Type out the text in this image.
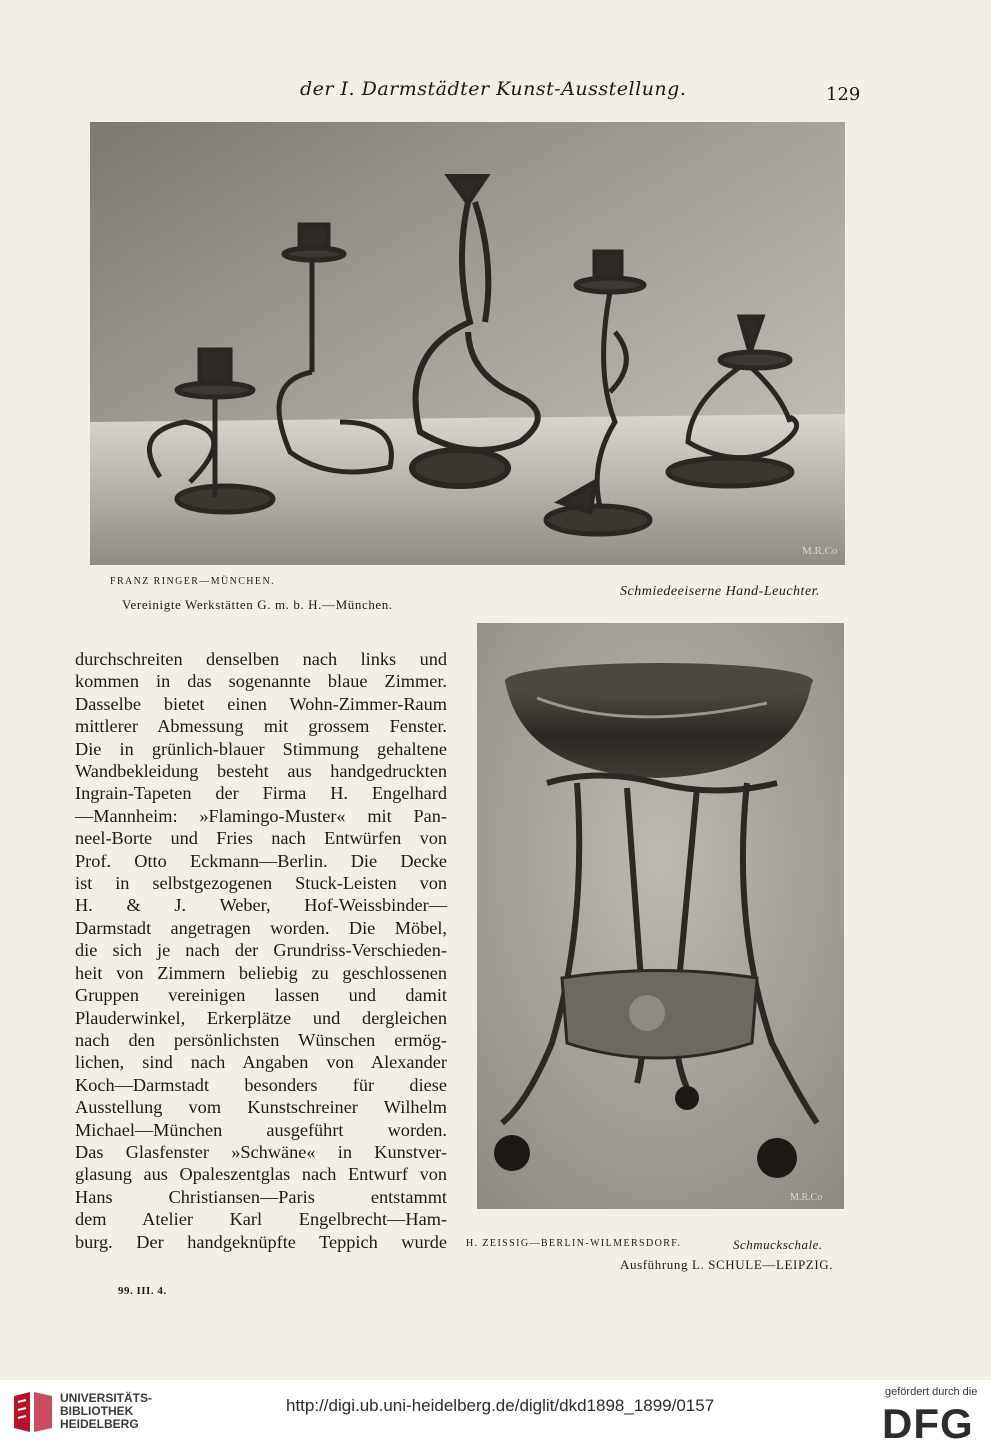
der I. Darmstädter Kunst-Ausstellung.	129
M.R.Co
FRANZ RINGER—MÜNCHEN.
Vereinigte Werkstätten G. m. b. H.—München.
Schmiedeeiserne Hand-Leuchter.
M.R.Co
H. ZEISSIG—BERLIN-WILMERSDORF.	Schmuckschale.
Ausführung L. SCHULE—LEIPZIG.
durchschreiten denselben nach links und
kommen in das sogenannte blaue Zimmer.
Dasselbe bietet einen Wohn-Zimmer-Raum
mittlerer Abmessung mit grossem Fenster.
Die in grünlich-blauer Stimmung gehaltene
Wandbekleidung besteht aus handgedruckten
Ingrain-Tapeten der Firma H. Engelhard
—Mannheim: »Flamingo-Muster« mit Pan-
neel-Borte und Fries nach Entwürfen von
Prof. Otto Eckmann—Berlin. Die Decke
ist in selbstgezogenen Stuck-Leisten von
H. & J. Weber, Hof-Weissbinder—
Darmstadt angetragen worden. Die Möbel,
die sich je nach der Grundriss-Verschieden-
heit von Zimmern beliebig zu geschlossenen
Gruppen vereinigen lassen und damit
Plauderwinkel, Erkerplätze und dergleichen
nach den persönlichsten Wünschen ermög-
lichen, sind nach Angaben von Alexander
Koch—Darmstadt besonders für diese
Ausstellung vom Kunstschreiner Wilhelm
Michael—München ausgeführt worden.
Das Glasfenster »Schwäne« in Kunstver-
glasung aus Opaleszentglas nach Entwurf von
Hans Christiansen—Paris entstammt
dem Atelier Karl Engelbrecht—Ham-
burg. Der handgeknüpfte Teppich wurde
99. III. 4.
UNIVERSITÄTS-
BIBLIOTHEK
HEIDELBERG
http://digi.ub.uni-heidelberg.de/diglit/dkd1898_1899/0157
gefördert durch die
DFG
